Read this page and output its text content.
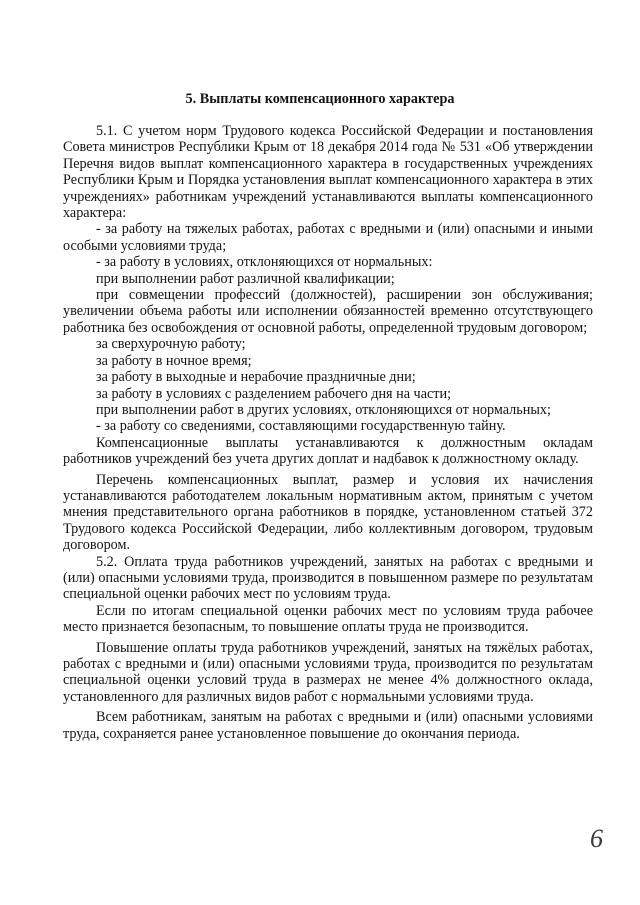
5. Выплаты компенсационного характера

5.1. С учетом норм Трудового кодекса Российской Федерации и постановления Совета министров Республики Крым от 18 декабря 2014 года № 531 «Об утверждении Перечня видов выплат компенсационного характера в государственных учреждениях Республики Крым и Порядка установления выплат компенсационного характера в этих учреждениях» работникам учреждений устанавливаются выплаты компенсационного характера:

- за работу на тяжелых работах, работах с вредными и (или) опасными и иными особыми условиями труда;

- за работу в условиях, отклоняющихся от нормальных:

при выполнении работ различной квалификации;

при совмещении профессий (должностей), расширении зон обслуживания; увеличении объема работы или исполнении обязанностей временно отсутствующего работника без освобождения от основной работы, определенной трудовым договором;

за сверхурочную работу;

за работу в ночное время;

за работу в выходные и нерабочие праздничные дни;

за работу в условиях с разделением рабочего дня на части;

при выполнении работ в других условиях, отклоняющихся от нормальных;

- за работу со сведениями, составляющими государственную тайну.

Компенсационные выплаты устанавливаются к должностным окладам работников учреждений без учета других доплат и надбавок к должностному окладу.

Перечень компенсационных выплат, размер и условия их начисления устанавливаются работодателем локальным нормативным актом, принятым с учетом мнения представительного органа работников в порядке, установленном статьей 372 Трудового кодекса Российской Федерации, либо коллективным договором, трудовым договором.

5.2. Оплата труда работников учреждений, занятых на работах с вредными и (или) опасными условиями труда, производится в повышенном размере по результатам специальной оценки рабочих мест по условиям труда.

Если по итогам специальной оценки рабочих мест по условиям труда рабочее место признается безопасным, то повышение оплаты труда не производится.

Повышение оплаты труда работников учреждений, занятых на тяжёлых работах, работах с вредными и (или) опасными условиями труда, производится по результатам специальной оценки условий труда в размерах не менее 4% должностного оклада, установленного для различных видов работ с нормальными условиями труда.

Всем работникам, занятым на работах с вредными и (или) опасными условиями труда, сохраняется ранее установленное повышение до окончания периода.

6
